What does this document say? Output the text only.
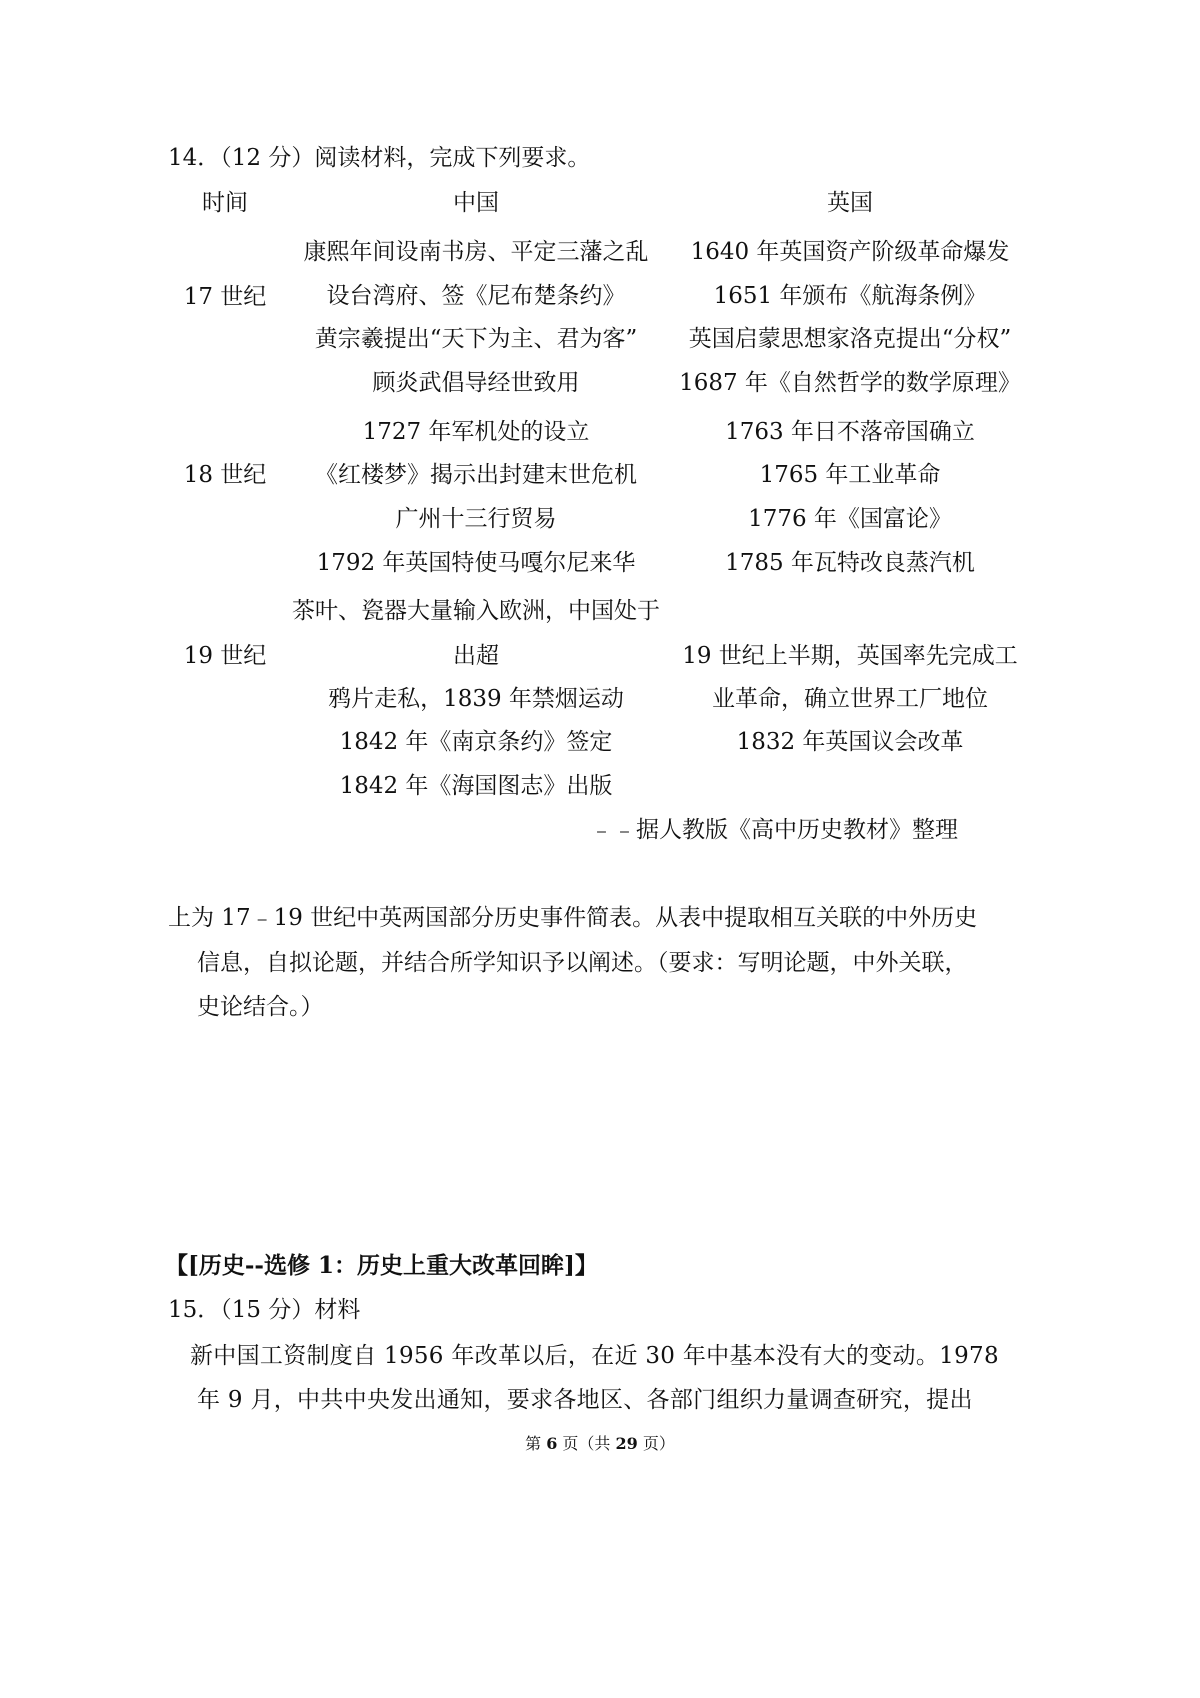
14．（12 分）阅读材料，完成下列要求。
时间	中国	英国
17 世纪
康熙年间设南书房、平定三藩之乱
设台湾府、签《尼布楚条约》
黄宗羲提出“天下为主、君为客”
顾炎武倡导经世致用
1640 年英国资产阶级革命爆发
1651 年颁布《航海条例》
英国启蒙思想家洛克提出“分权”
1687 年《自然哲学的数学原理》
18 世纪
1727 年军机处的设立
《红楼梦》揭示出封建末世危机
广州十三行贸易
1792 年英国特使马嘎尔尼来华
1763 年日不落帝国确立
1765 年工业革命
1776 年《国富论》
1785 年瓦特改良蒸汽机
19 世纪
茶叶、瓷器大量输入欧洲，中国处于
出超
鸦片走私，1839 年禁烟运动
1842 年《南京条约》签定
1842 年《海国图志》出版
19 世纪上半期，英国率先完成工
业革命，确立世界工厂地位
1832 年英国议会改革
﹣﹣据人教版《高中历史教材》整理
上为 17﹣19 世纪中英两国部分历史事件简表。从表中提取相互关联的中外历史
信息，自拟论题，并结合所学知识予以阐述。（要求：写明论题，中外关联，
史论结合。）
【[历史--选修 1：历史上重大改革回眸]】
15．（15 分）材料
新中国工资制度自 1956 年改革以后，在近 30 年中基本没有大的变动。1978
年 9 月，中共中央发出通知，要求各地区、各部门组织力量调查研究，提出
第 6 页（共 29 页）
